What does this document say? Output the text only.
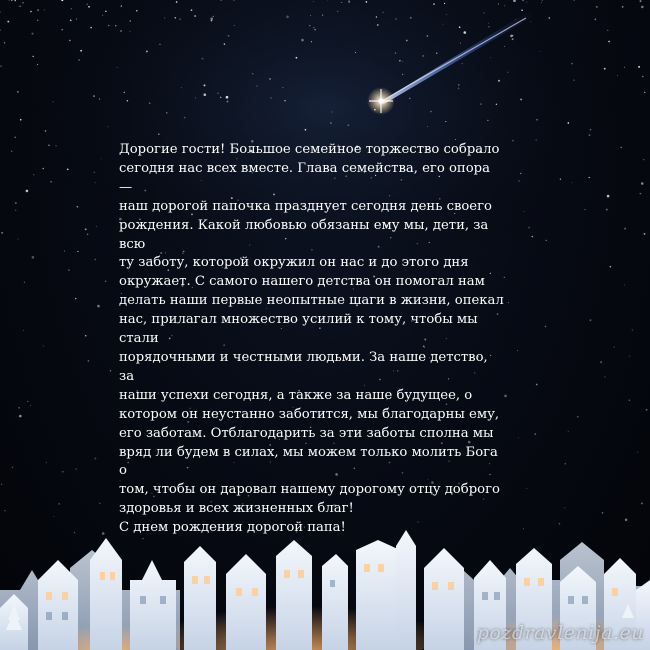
Дорогие гости! Большое семейное торжество собрало
сегодня нас всех вместе. Глава семейства, его опора —
наш дорогой папочка празднует сегодня день своего
рождения. Какой любовью обязаны ему мы, дети, за всю
ту заботу, которой окружил он нас и до этого дня
окружает. С самого нашего детства он помогал нам
делать наши первые неопытные шаги в жизни, опекал
нас, прилагал множество усилий к тому, чтобы мы стали
порядочными и честными людьми. За наше детство, за
наши успехи сегодня, а также за наше будущее, о
котором он неустанно заботится, мы благодарны ему,
его заботам. Отблагодарить за эти заботы сполна мы
вряд ли будем в силах, мы можем только молить Бога о
том, чтобы он даровал нашему дорогому отцу доброго
здоровья и всех жизненных благ!
С днем рождения дорогой папа!

pozdravlenija.eu
